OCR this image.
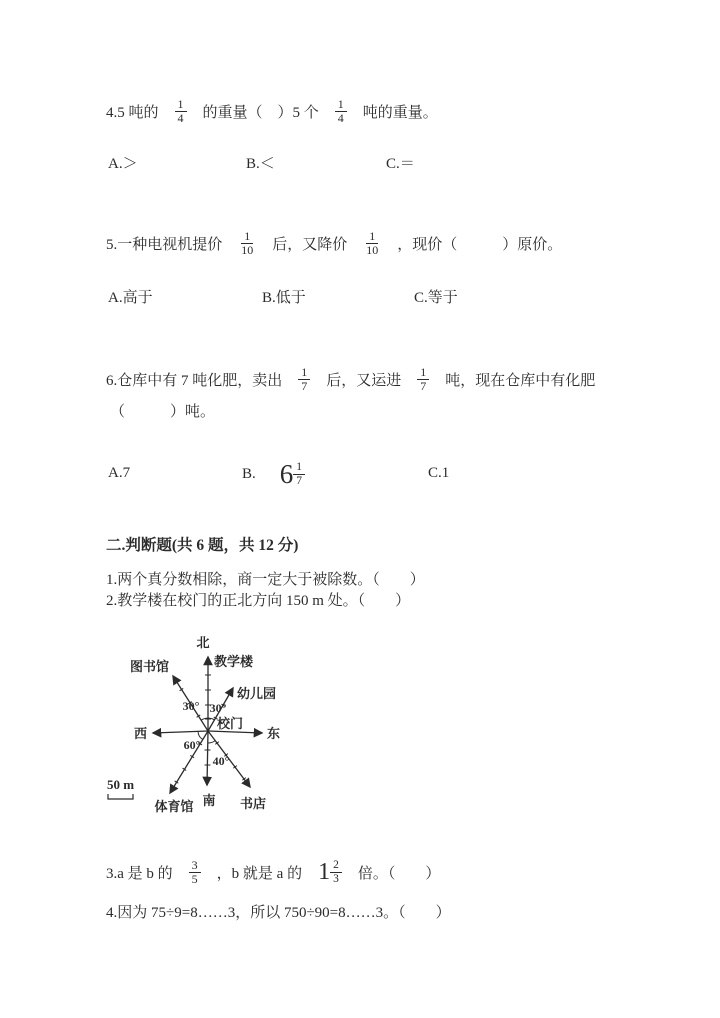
4.5 吨的 $\frac{1}{4}$ 的重量（　）5 个 $\frac{1}{4}$ 吨的重量。
A.＞	B.＜	C.＝
5.一种电视机提价 $\frac{1}{10}$ 后，又降价 $\frac{1}{10}$ ，现价（　　　）原价。
A.高于	B.低于	C.等于
6.仓库中有 7 吨化肥，卖出 $\frac{1}{7}$ 后，又运进 $\frac{1}{7}$ 吨，现在仓库中有化肥
（　　　）吨。
A.7	B. $6 \frac{1}{7}$	C.1
二.判断题(共 6 题，共 12 分)
1.两个真分数相除，商一定大于被除数。（　　）
2.教学楼在校门的正北方向 150 m 处。（　　）
北
教学楼
图书馆
幼儿园
西	东
校门
南
体育馆	书店
30° 30°
60°
40°
50 m
3.a 是 b 的 $\frac{3}{5}$ ，b 就是 a 的 $1 \frac{2}{3}$ 倍。（　　）
4.因为 75÷9=8……3，所以 750÷90=8……3。（　　）
